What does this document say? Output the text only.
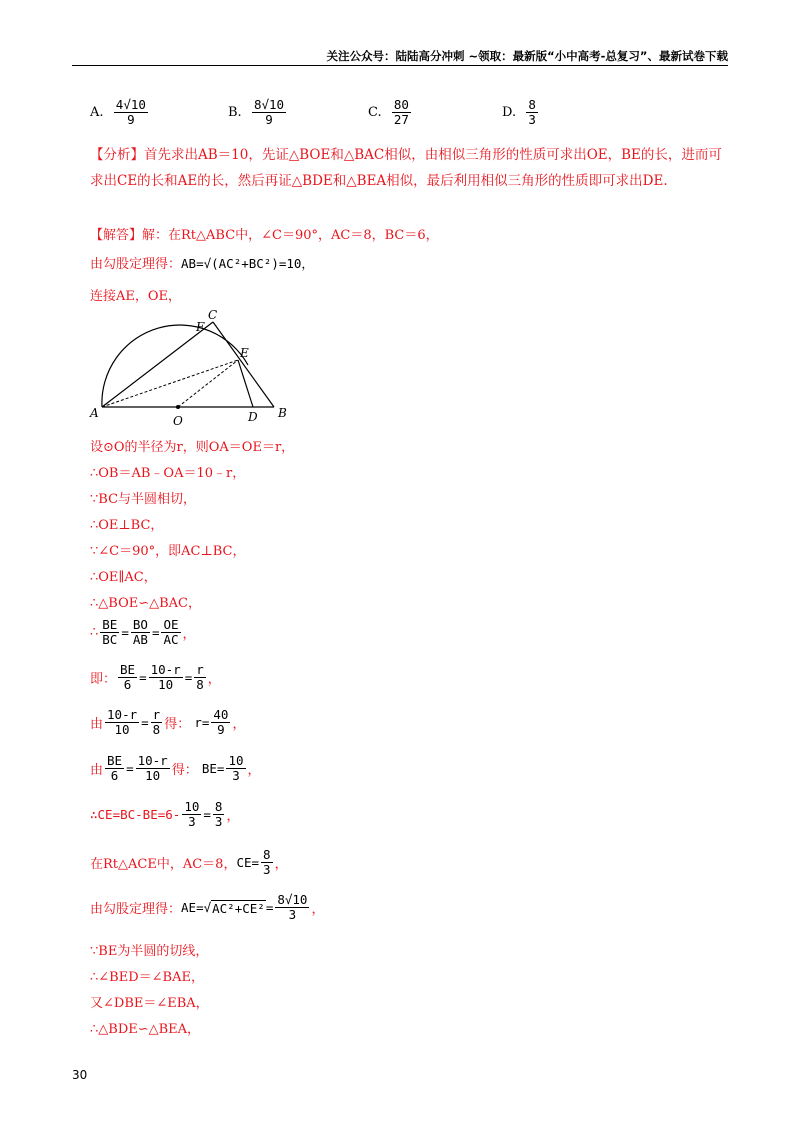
关注公众号：陆陆高分冲刺 ~领取：最新版“小中高考-总复习”、最新试卷下载
A.
$\frac{4√10}{9}$	B.
$\frac{8√10}{9}$	C.
$\frac{80}{27}$	D.
$\frac{8}{3}$
【分析】首先求出AB＝10，先证△BOE和△BAC相似，由相似三角形的性质可求出OE，BE的长，进而可求出CE的长和AE的长，然后再证△BDE和△BEA相似，最后利用相似三角形的性质即可求出DE.
【解答】 解：在Rt△ABC中，∠C＝90°，AC＝8，BC＝6，
由勾股定理得： AB=√(AC²+BC²)=10，
连接AE，OE，
A	B
C
D
E
F
O
设⊙O的半径为r，则OA＝OE＝r，
∴OB＝AB﹣OA＝10﹣r，
∵BC与半圆相切，
∴OE⊥BC，
∵∠C＝90°，即AC⊥BC，
∴OE∥AC，
∴△BOE∽△BAC，
∴ $\frac{BE}{BC} = \frac{BO}{AB} = \frac{OE}{AC}$ ，
即： $\frac{BE}{6} = \frac{10-r}{10} = \frac{r}{8}$ ，
由 $\frac{10-r}{10} = \frac{r}{8}$ 得：
$r= \frac{40}{9}$ ，
由 $\frac{BE}{6} = \frac{10-r}{10}$ 得：
$BE= \frac{10}{3}$ ，
∴CE=BC-BE=6- $\frac{10}{3} = \frac{8}{3}$ ，
在Rt△ACE中，AC＝8， $CE= \frac{8}{3}$ ，
由勾股定理得： AE= √ $AC^2+CE^2 = \frac{8√10}{3}$ ，
∵BE为半圆的切线，
∴∠BED＝∠BAE，
又∠DBE＝∠EBA，
∴△BDE∽△BEA，
30
